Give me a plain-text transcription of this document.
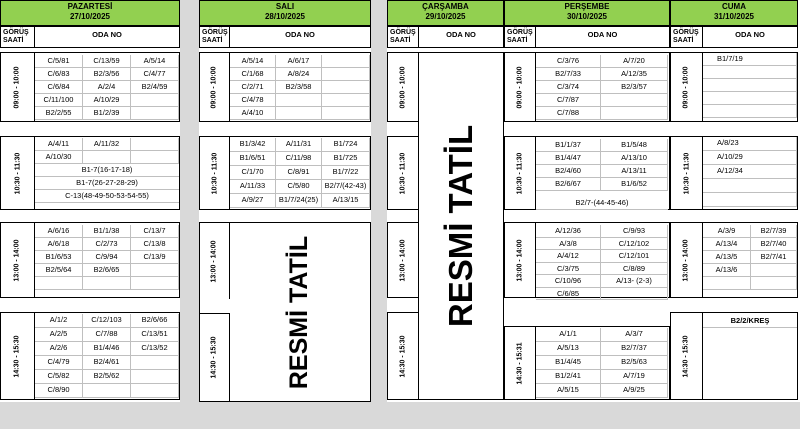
PAZARTESİ
27/10/2025
GÖRÜŞ
SAATİ
ODA NO
SALI
28/10/2025
GÖRÜŞ
SAATİ
ODA NO
ÇARŞAMBA
29/10/2025
GÖRÜŞ
SAATİ
ODA NO
PERŞEMBE
30/10/2025
GÖRÜŞ
SAATİ
ODA NO
CUMA
31/10/2025
GÖRÜŞ
SAATİ
ODA NO
09:00 - 10:00
C/5/81	C/13/59	A/5/14
C/6/83	B2/3/56	C/4/77
C/6/84	A/2/4	B2/4/59
C/11/100	A/10/29
B2/2/55	B1/2/39
10:30 - 11:30
A/4/11	A/11/32
A/10/30
B1-7(16-17-18)
B1-7(26-27-28-29)
C-13(48-49-50-53-54-55)
13:00 - 14:00
A/6/16	B1/1/38	C/13/7
A/6/18	C/2/73	C/13/8
B1/6/53	C/9/94	C/13/9
B2/5/64	B2/6/65
14:30 - 15:30
A/1/2	C/12/103	B2/6/66
A/2/5	C/7/88	C/13/51
A/2/6	B1/4/46	C/13/52
C/4/79	B2/4/61
C/5/82	B2/5/62
C/8/90
09:00 - 10:00
A/5/14	A/6/17
C/1/68	A/8/24
C/2/71	B2/3/58
C/4/78
A/4/10
10:30 - 11:30
B1/3/42	A/11/31	B1/724
B1/6/51	C/11/98	B1/725
C/1/70	C/8/91	B1/7/22
A/11/33	C/5/80	B2/7/(42-43)
A/9/27	B1/7/24(25)	A/13/15
13:00 - 14:00
14:30 - 15:30	RESMİ TATİL
09:00 - 10:00
10:30 - 11:30
13:00 - 14:00
14:30 - 15:30
RESMİ TATİL
09:00 - 10:00
C/3/76	A/7/20
B2/7/33	A/12/35
C/3/74	B2/3/57
C/7/87
C/7/88
10:30 - 11:30
B1/1/37	B1/5/48
B1/4/47	A/13/10
B2/4/60	A/13/11
B2/6/67	B1/6/52
B2/7-(44-45-46)
13:00 - 14:00
A/12/36	C/9/93
A/3/8	C/12/102
A/4/12	C/12/101
C/3/75	C/8/89
C/10/96	A/13- (2-3)
C/6/85
14:30 - 15:31
A/1/1	A/3/7
A/5/13	B2/7/37
B1/4/45	B2/5/63
B1/2/41	A/7/19
A/5/15	A/9/25
09:00 - 10:00
B1/7/19
10:30 - 11:30
A/8/23
A/10/29
A/12/34
13:00 - 14:00
A/3/9	B2/7/39
A/13/4	B2/7/40
A/13/5	B2/7/41
A/13/6
14:30 - 15:30
B2/2/KREŞ
